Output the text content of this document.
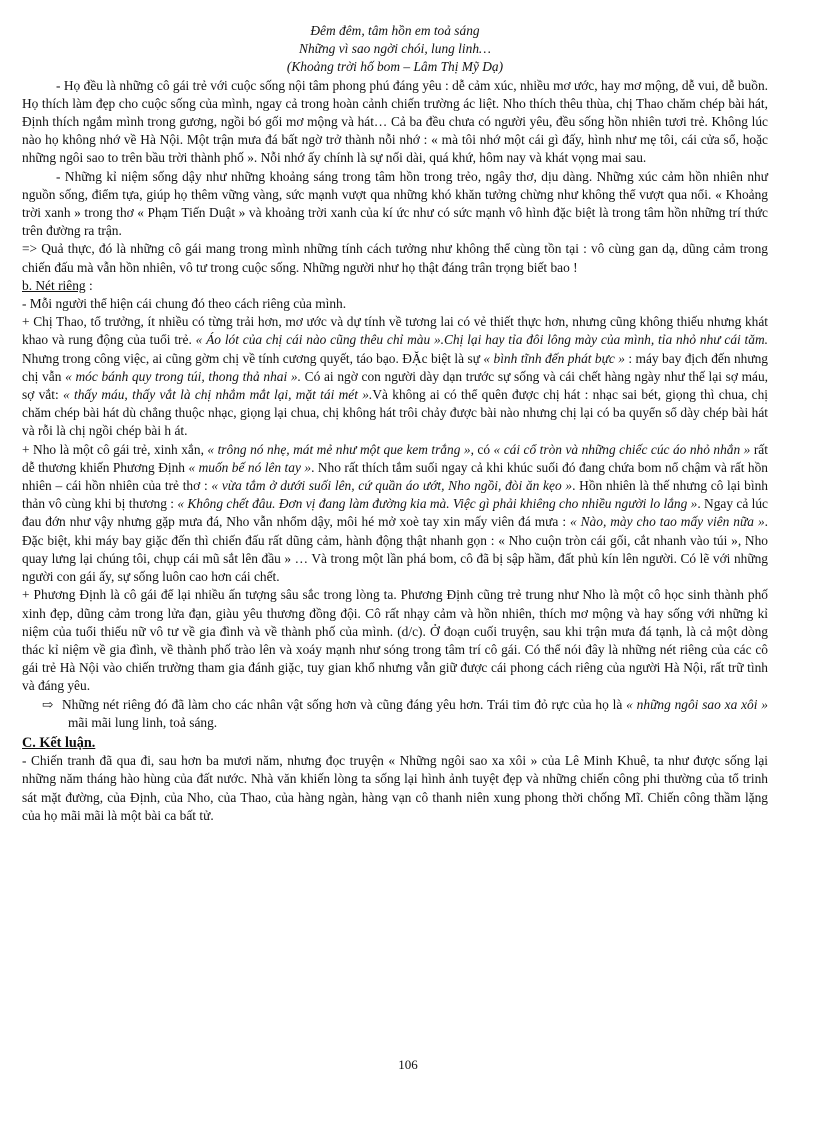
Đêm đêm, tâm hồn em toả sáng

Những vì sao ngời chói, lung linh…

(Khoảng trời hố bom – Lâm Thị Mỹ Dạ)

- Họ đều là những cô gái trẻ với cuộc sống nội tâm phong phú đáng yêu : dễ cảm xúc, nhiều mơ ước, hay mơ mộng, dễ vui, dễ buồn. Họ thích làm đẹp cho cuộc sống của mình, ngay cả trong hoàn cảnh chiến trường ác liệt. Nho thích thêu thùa, chị Thao chăm chép bài hát, Định thích ngắm mình trong gương, ngồi bó gối mơ mộng và hát… Cả ba đều chưa có người yêu, đều sống hồn nhiên tươi trẻ. Không lúc nào họ không nhớ về Hà Nội. Một trận mưa đá bất ngờ trở thành nỗi nhớ : « mà tôi nhớ một cái gì đấy, hình như mẹ tôi, cái cửa sổ, hoặc những ngôi sao to trên bầu trời thành phố ». Nỗi nhớ ấy chính là sự nối dài, quá khứ, hôm nay và khát vọng mai sau.

- Những kỉ niệm sống dậy như những khoảng sáng trong tâm hồn trong trẻo, ngây thơ, dịu dàng. Những xúc cảm hồn nhiên như nguồn sống, điểm tựa, giúp họ thêm vững vàng, sức mạnh vượt qua những khó khăn tưởng chừng như không thể vượt qua nổi. « Khoảng trời xanh » trong thơ « Phạm Tiến Duật » và khoảng trời xanh của kí ức như có sức mạnh vô hình đặc biệt là trong tâm hồn những trí thức trên đường ra trận.

=> Quả thực, đó là những cô gái mang trong mình những tính cách tưởng như không thể cùng tồn tại : vô cùng gan dạ, dũng cảm trong chiến đấu mà vẫn hồn nhiên, vô tư trong cuộc sống. Những người như họ thật đáng trân trọng biết bao !

b. Nét riêng :

- Mỗi người thể hiện cái chung đó theo cách riêng của mình.

+ Chị Thao, tổ trưởng, ít nhiều có từng trải hơn, mơ ước và dự tính về tương lai có vẻ thiết thực hơn, nhưng cũng không thiếu nhưng khát khao và rung động của tuổi trẻ. « Áo lót của chị cái nào cũng thêu chỉ màu ».Chị lại hay tỉa đôi lông mày của mình, tỉa nhỏ như cái tăm. Nhưng trong công việc, ai cũng gờm chị về tính cương quyết, táo bạo. ĐẶc biệt là sự « bình tĩnh đến phát bực » : máy bay địch đến nhưng chị vẫn « móc bánh quy trong túi, thong thả nhai ». Có ai ngờ con người dày dạn trước sự sống và cái chết hàng ngày như thế lại sợ máu, sợ vắt: « thấy máu, thấy vắt là chị nhắm mắt lại, mặt tái mét ».Và không ai có thể quên được chị hát : nhạc sai bét, giọng thì chua, chị chăm chép bài hát dù chẳng thuộc nhạc, giọng lại chua, chị không hát trôi chảy được bài nào nhưng chị lại có ba quyển sổ dày chép bài hát và rỗi là chị ngồi chép bài h át.

+ Nho là một cô gái trẻ, xinh xắn, « trông nó nhẹ, mát mẻ như một que kem trắng », có « cái cổ tròn và những chiếc cúc áo nhỏ nhắn » rất dễ thương khiến Phương Định « muốn bế nó lên tay ». Nho rất thích tắm suối ngay cả khi khúc suối đó đang chứa bom nổ chậm và rất hồn nhiên – cái hồn nhiên của trẻ thơ : « vừa tắm ở dưới suối lên, cứ quần áo ướt, Nho ngồi, đòi ăn kẹo ». Hồn nhiên là thế nhưng cô lại bình thản vô cùng khi bị thương : « Không chết đâu. Đơn vị đang làm đường kia mà. Việc gì phải khiêng cho nhiều người lo lắng ». Ngay cả lúc đau đớn như vậy nhưng gặp mưa đá, Nho vẫn nhổm dậy, môi hé mở xoè tay xin mấy viên đá mưa : « Nào, mày cho tao mấy viên nữa ». Đặc biệt, khi máy bay giặc đến thì chiến đấu rất dũng cảm, hành động thật nhanh gọn : « Nho cuộn tròn cái gối, cắt nhanh vào túi », Nho quay lưng lại chúng tôi, chụp cái mũ sắt lên đầu » … Và trong một lần phá bom, cô đã bị sập hầm, đất phủ kín lên người. Có lẽ với những người con gái ấy, sự sống luôn cao hơn cái chết.

+ Phương Định là cô gái để lại nhiều ấn tượng sâu sắc trong lòng ta. Phương Định cũng trẻ trung như Nho là một cô học sinh thành phố xinh đẹp, dũng cảm trong lửa đạn, giàu yêu thương đồng đội. Cô rất nhạy cảm và hồn nhiên, thích mơ mộng và hay sống với những kỉ niệm của tuổi thiếu nữ vô tư về gia đình và về thành phố của mình. (d/c). Ở đoạn cuối truyện, sau khi trận mưa đá tạnh, là cả một dòng thác kỉ niệm về gia đình, về thành phố trào lên và xoáy mạnh như sóng trong tâm trí cô gái. Có thể nói đây là những nét riêng của các cô gái trẻ Hà Nội vào chiến trường tham gia đánh giặc, tuy gian khổ nhưng vẫn giữ được cái phong cách riêng của người Hà Nội, rất trữ tình và đáng yêu.

⇨ Những nét riêng đó đã làm cho các nhân vật sống hơn và cũng đáng yêu hơn. Trái tim đỏ rực của họ là « những ngôi sao xa xôi » mãi mãi lung linh, toả sáng.

C. Kết luận.

- Chiến tranh đã qua đi, sau hơn ba mươi năm, nhưng đọc truyện « Những ngôi sao xa xôi » của Lê Minh Khuê, ta như được sống lại những năm tháng hào hùng của đất nước. Nhà văn khiến lòng ta sống lại hình ảnh tuyệt đẹp và những chiến công phi thường của tổ trinh sát mặt đường, của Định, của Nho, của Thao, của hàng ngàn, hàng vạn cô thanh niên xung phong thời chống Mĩ. Chiến công thầm lặng của họ mãi mãi là một bài ca bất tử.

106
